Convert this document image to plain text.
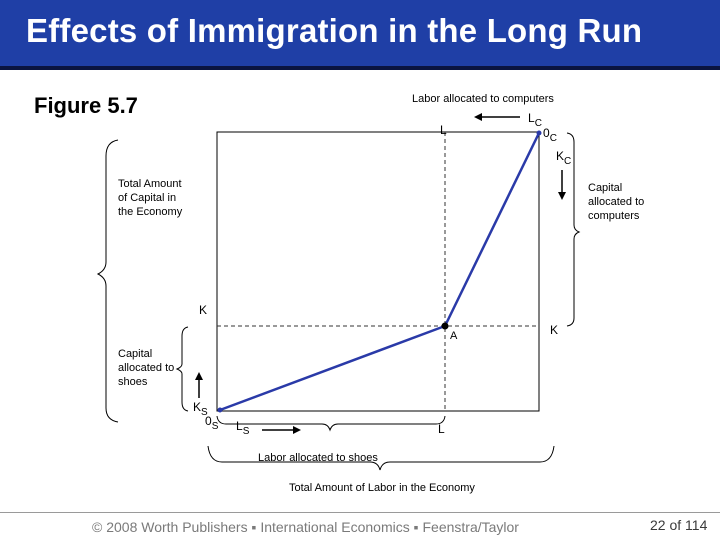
Effects of Immigration in the Long Run
Figure 5.7	Labor allocated to computers
$L_C$
L	$0_C$
$K_C$
Total Amount of Capital in the Economy
Capital allocated to computers
K
K
A
Capital allocated to shoes
$K_S$
$0_S$ $L_S$	L
Labor allocated to shoes
Total Amount of Labor in the Economy
© 2008 Worth Publishers ▪ International Economics ▪ Feenstra/Taylor	22 of 114
